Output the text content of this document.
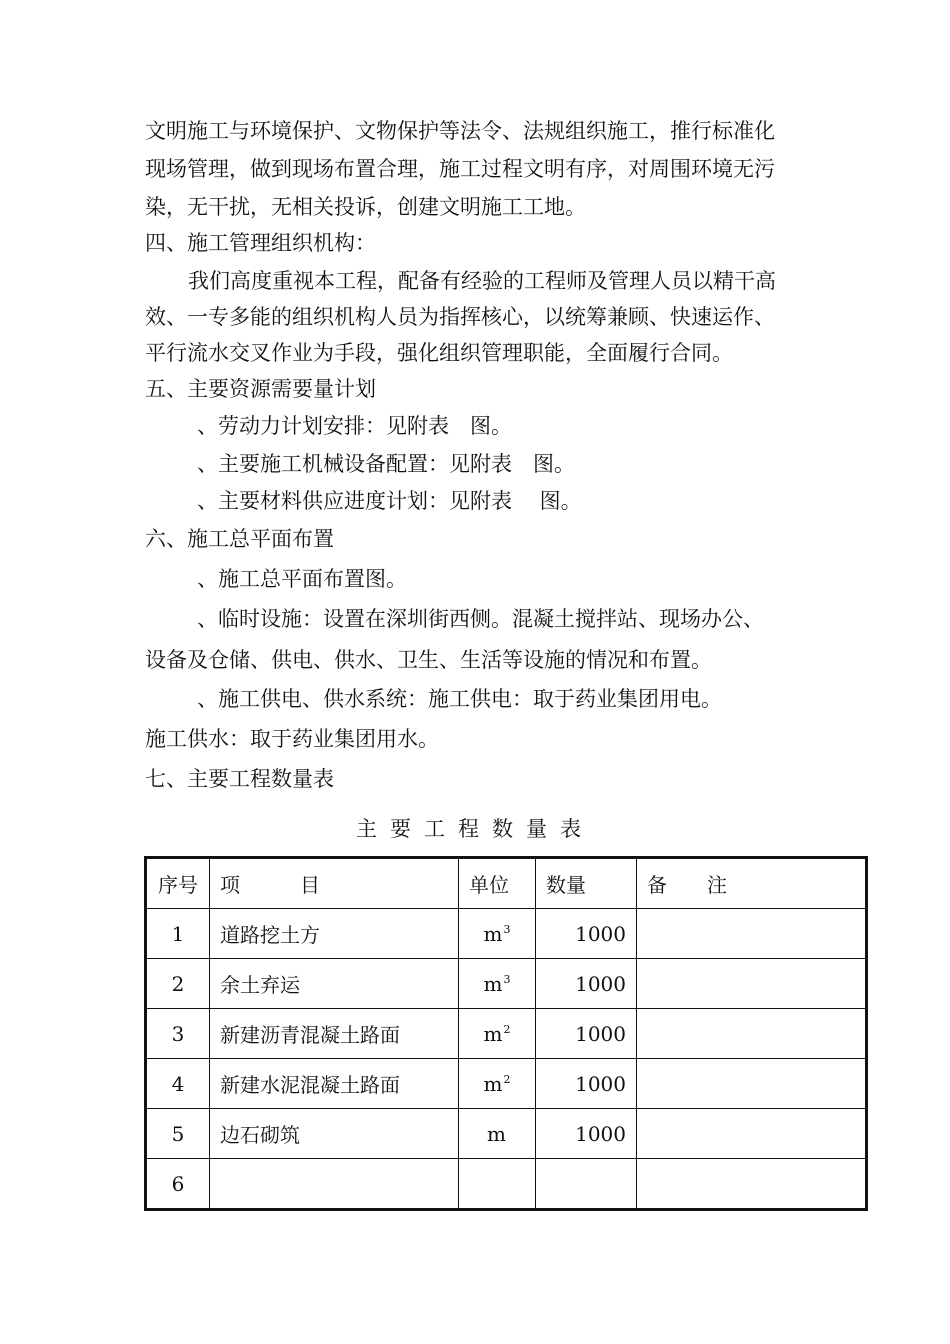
文明施工与环境保护、文物保护等法令、法规组织施工，推行标准化
现场管理，做到现场布置合理，施工过程文明有序，对周围环境无污
染，无干扰，无相关投诉，创建文明施工工地。
四、施工管理组织机构：
我们高度重视本工程，配备有经验的工程师及管理人员以精干高
效、一专多能的组织机构人员为指挥核心，以统筹兼顾、快速运作、
平行流水交叉作业为手段，强化组织管理职能，全面履行合同。
五、主要资源需要量计划
、劳动力计划安排：见附表　图。
、主要施工机械设备配置：见附表　图。
、主要材料供应进度计划：见附表　 图。
六、施工总平面布置
、施工总平面布置图。
、临时设施：设置在深圳街西侧。混凝土搅拌站、现场办公、
设备及仓储、供电、供水、卫生、生活等设施的情况和布置。
、施工供电、供水系统：施工供电：取于药业集团用电。
施工供水：取于药业集团用水。
七、主要工程数量表
主要工程数量表
序号	项　　　目	单位	数量	备　　注
1	道路挖土方	$m^3$	1000	
2	余土弃运	$m^3$	1000	
3	新建沥青混凝土路面	$m^2$	1000	
4	新建水泥混凝土路面	$m^2$	1000	
5	边石砌筑	m	1000	
6				
